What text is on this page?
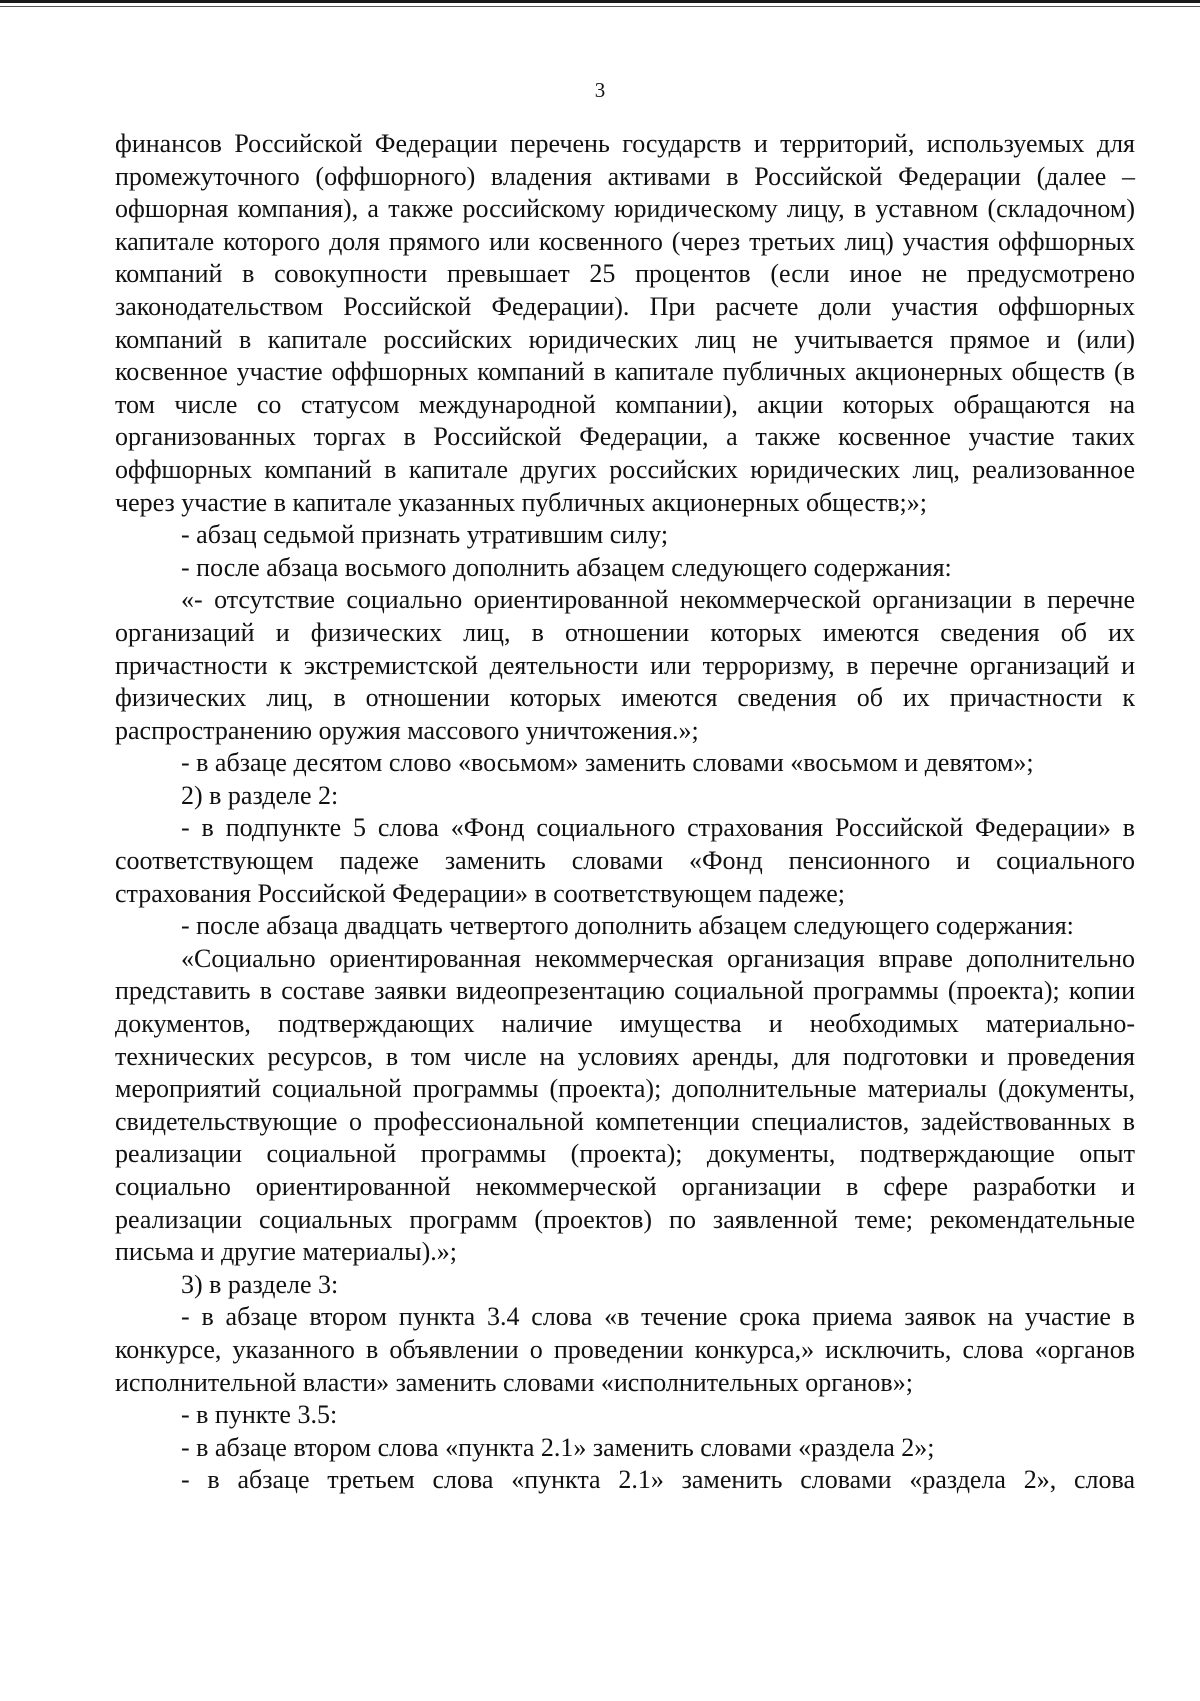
3

финансов Российской Федерации перечень государств и территорий, используемых для промежуточного (оффшорного) владения активами в Российской Федерации (далее – офшорная компания), а также российскому юридическому лицу, в уставном (складочном) капитале которого доля прямого или косвенного (через третьих лиц) участия оффшорных компаний в совокупности превышает 25 процентов (если иное не предусмотрено законодательством Российской Федерации). При расчете доли участия оффшорных компаний в капитале российских юридических лиц не учитывается прямое и (или) косвенное участие оффшорных компаний в капитале публичных акционерных обществ (в том числе со статусом международной компании), акции которых обращаются на организованных торгах в Российской Федерации, а также косвенное участие таких оффшорных компаний в капитале других российских юридических лиц, реализованное через участие в капитале указанных публичных акционерных обществ;»;

- абзац седьмой признать утратившим силу;

- после абзаца восьмого дополнить абзацем следующего содержания:

«- отсутствие социально ориентированной некоммерческой организации в перечне организаций и физических лиц, в отношении которых имеются сведения об их причастности к экстремистской деятельности или терроризму, в перечне организаций и физических лиц, в отношении которых имеются сведения об их причастности к распространению оружия массового уничтожения.»;

- в абзаце десятом слово «восьмом» заменить словами «восьмом и девятом»;

2) в разделе 2:

- в подпункте 5 слова «Фонд социального страхования Российской Федерации» в соответствующем падеже заменить словами «Фонд пенсионного и социального страхования Российской Федерации» в соответствующем падеже;

- после абзаца двадцать четвертого дополнить абзацем следующего содержания:

«Социально ориентированная некоммерческая организация вправе дополнительно представить в составе заявки видеопрезентацию социальной программы (проекта); копии документов, подтверждающих наличие имущества и необходимых материально-технических ресурсов, в том числе на условиях аренды, для подготовки и проведения мероприятий социальной программы (проекта); дополнительные материалы (документы, свидетельствующие о профессиональной компетенции специалистов, задействованных в реализации социальной программы (проекта); документы, подтверждающие опыт социально ориентированной некоммерческой организации в сфере разработки и реализации социальных программ (проектов) по заявленной теме; рекомендательные письма и другие материалы).»;

3) в разделе 3:

- в абзаце втором пункта 3.4 слова «в течение срока приема заявок на участие в конкурсе, указанного в объявлении о проведении конкурса,» исключить, слова «органов исполнительной власти» заменить словами «исполнительных органов»;

- в пункте 3.5:

- в абзаце втором слова «пункта 2.1» заменить словами «раздела 2»;

- в абзаце третьем слова «пункта 2.1» заменить словами «раздела 2», слова
